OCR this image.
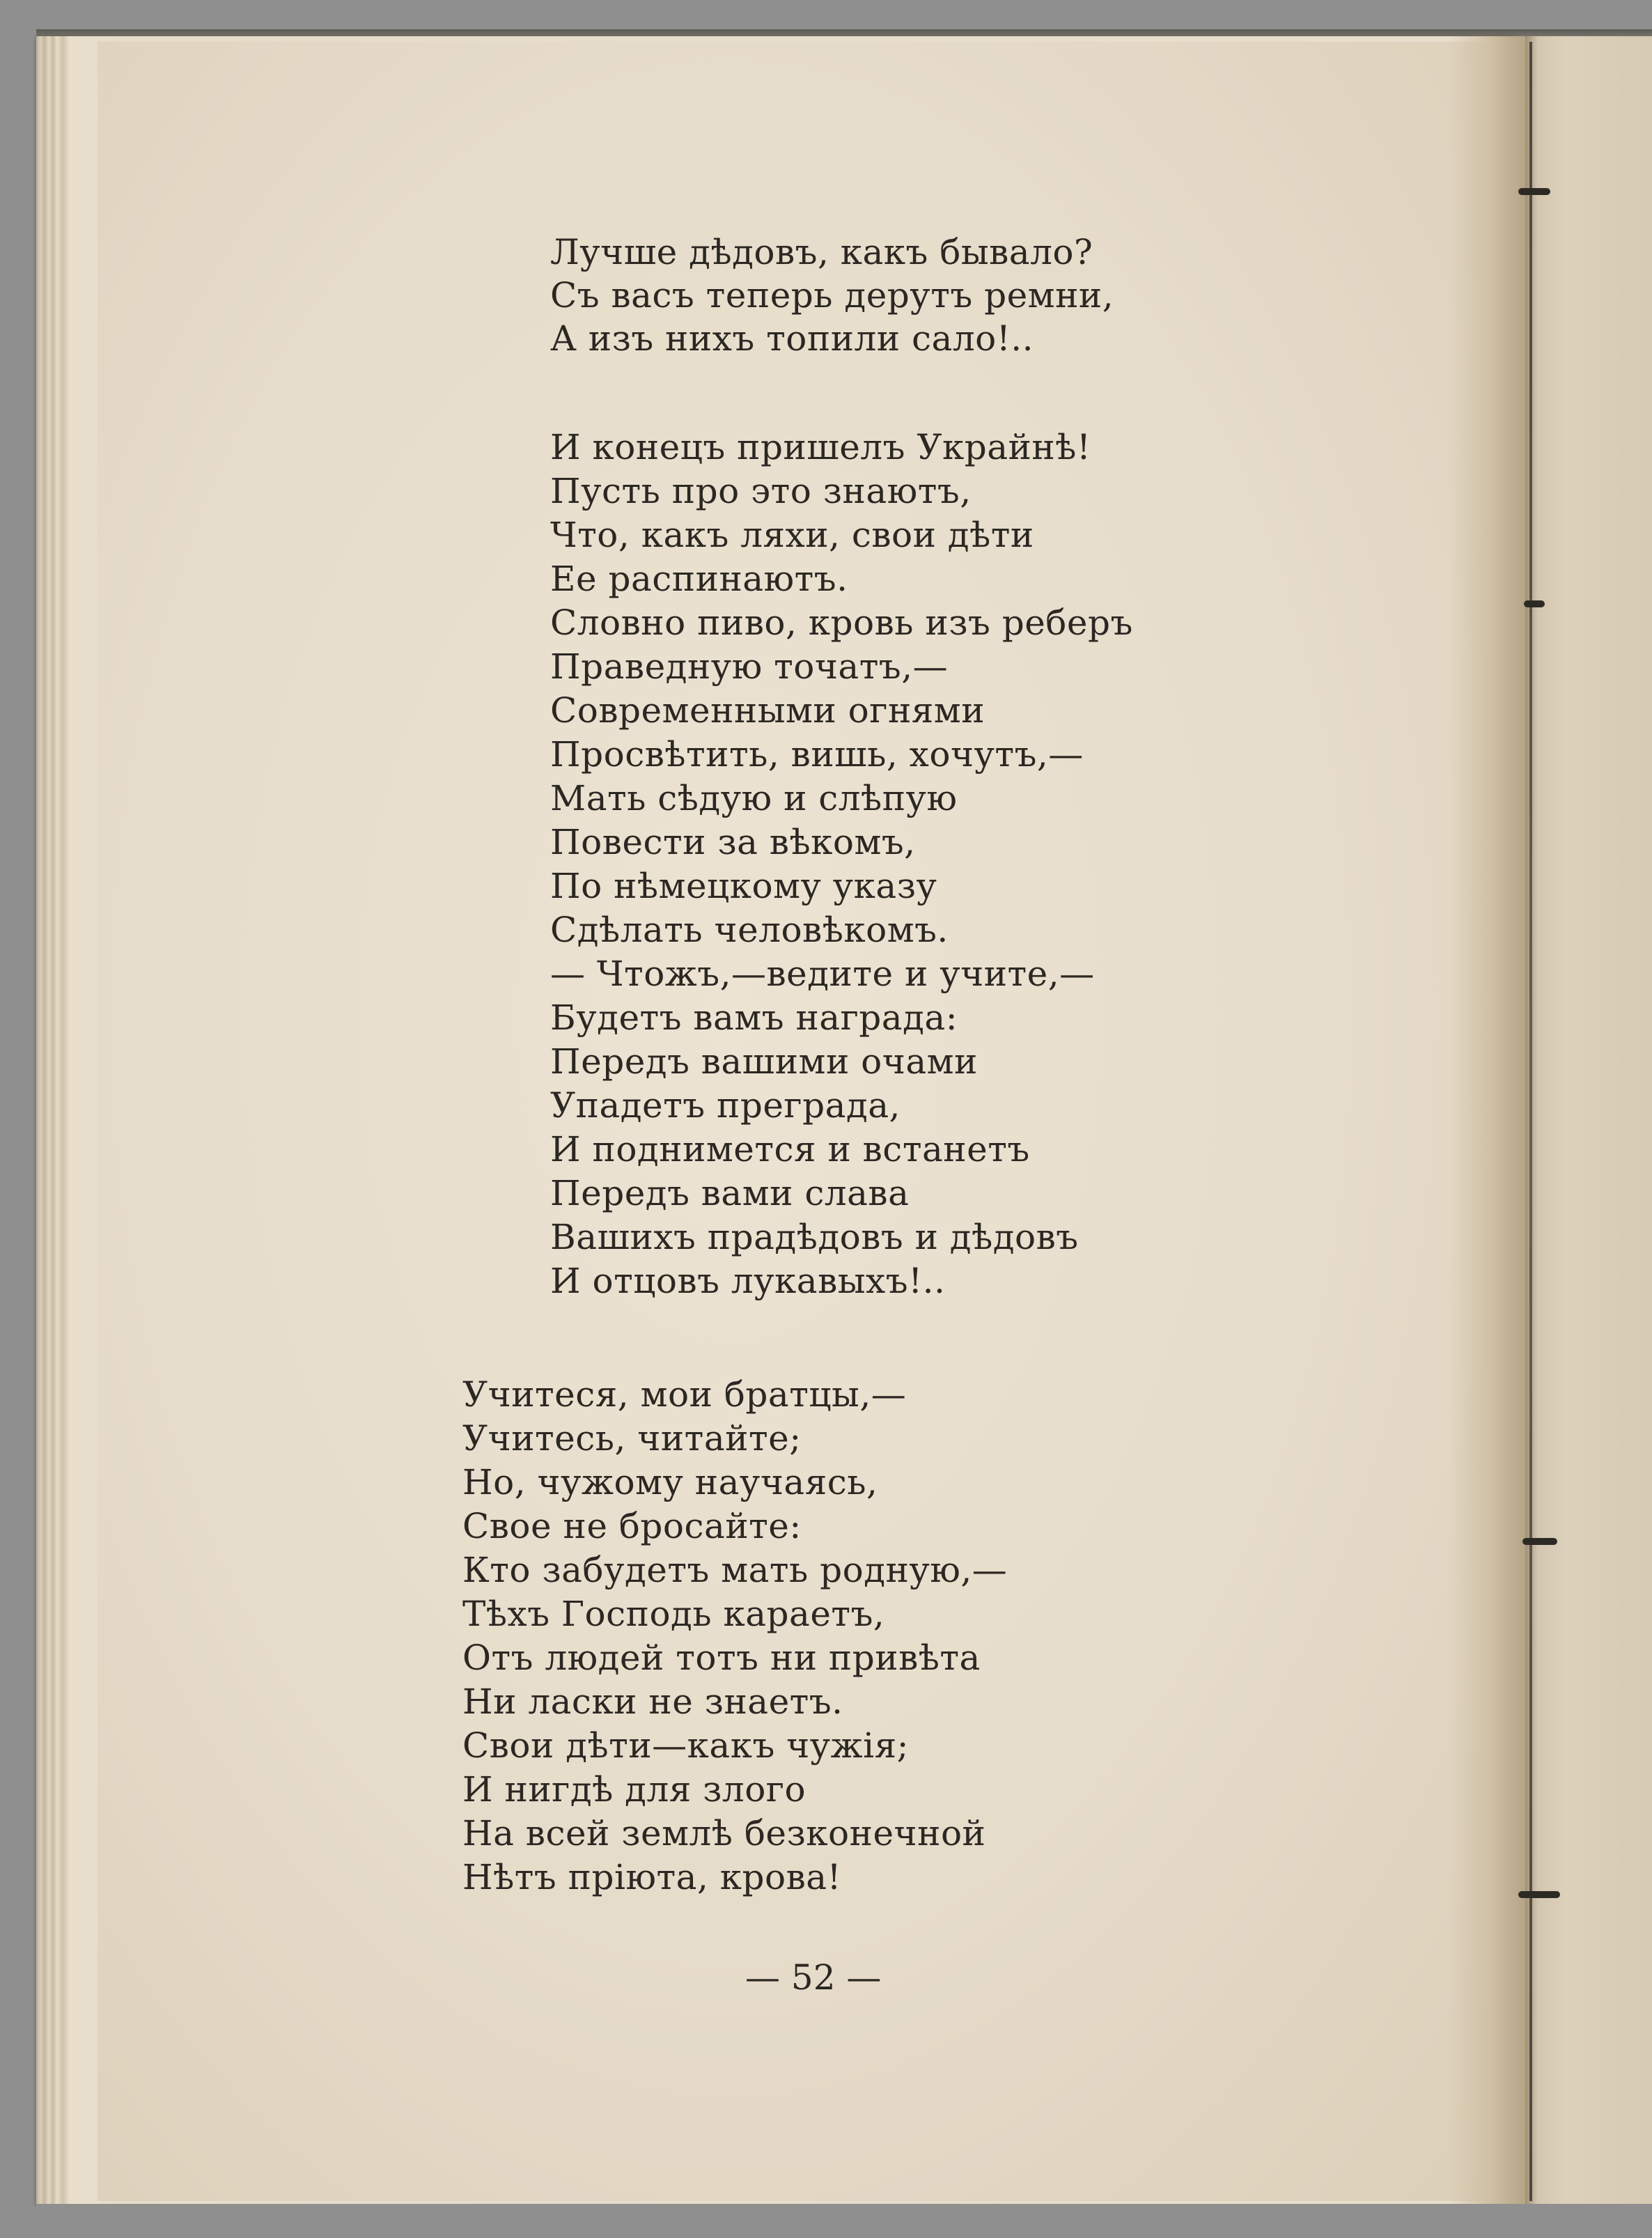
Лучше дѣдовъ, какъ бывало?
Съ васъ теперь дерутъ ремни,
А изъ нихъ топили сало!..
И конецъ пришелъ Украйнѣ!
Пусть про это знаютъ,
Что, какъ ляхи, свои дѣти
Ее распинаютъ.
Словно пиво, кровь изъ реберъ
Праведную точатъ,—
Современными огнями
Просвѣтить, вишь, хочутъ,—
Мать сѣдую и слѣпую
Повести за вѣкомъ,
По нѣмецкому указу
Сдѣлать человѣкомъ.
— Чтожъ,—ведите и учите,—
Будетъ вамъ награда:
Передъ вашими очами
Упадетъ преграда,
И поднимется и встанетъ
Передъ вами слава
Вашихъ прадѣдовъ и дѣдовъ
И отцовъ лукавыхъ!..
Учитеся, мои братцы,—
Учитесь, читайте;
Но, чужому научаясь,
Свое не бросайте:
Кто забудетъ мать родную,—
Тѣхъ Господь караетъ,
Отъ людей тотъ ни привѣта
Ни ласки не знаетъ.
Свои дѣти—какъ чужія;
И нигдѣ для злого
На всей землѣ безконечной
Нѣтъ пріюта, крова!
— 52 —
